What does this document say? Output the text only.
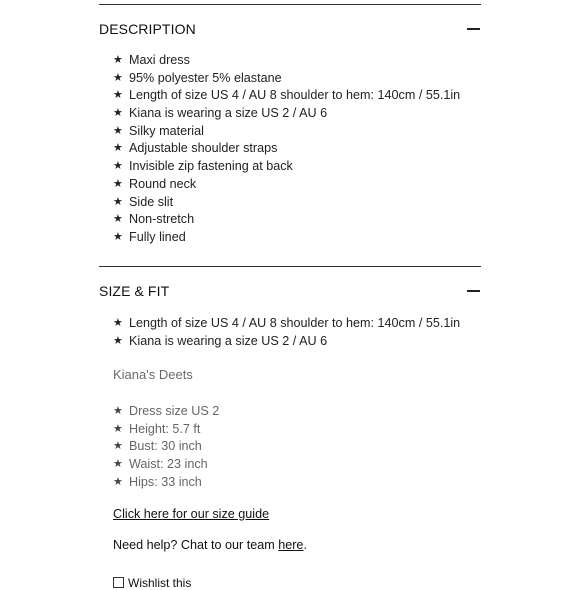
DESCRIPTION
★ Maxi dress
★ 95% polyester 5% elastane
★ Length of size US 4 / AU 8 shoulder to hem: 140cm / 55.1in
★ Kiana is wearing a size US 2 / AU 6
★ Silky material
★ Adjustable shoulder straps
★ Invisible zip fastening at back
★ Round neck
★ Side slit
★ Non-stretch
★ Fully lined
SIZE & FIT
★ Length of size US 4 / AU 8 shoulder to hem: 140cm / 55.1in
★ Kiana is wearing a size US 2 / AU 6
Kiana's Deets
★ Dress size US 2
★ Height: 5.7 ft
★ Bust: 30 inch
★ Waist: 23 inch
★ Hips: 33 inch
Click here for our size guide
Need help? Chat to our team here.
Wishlist this
